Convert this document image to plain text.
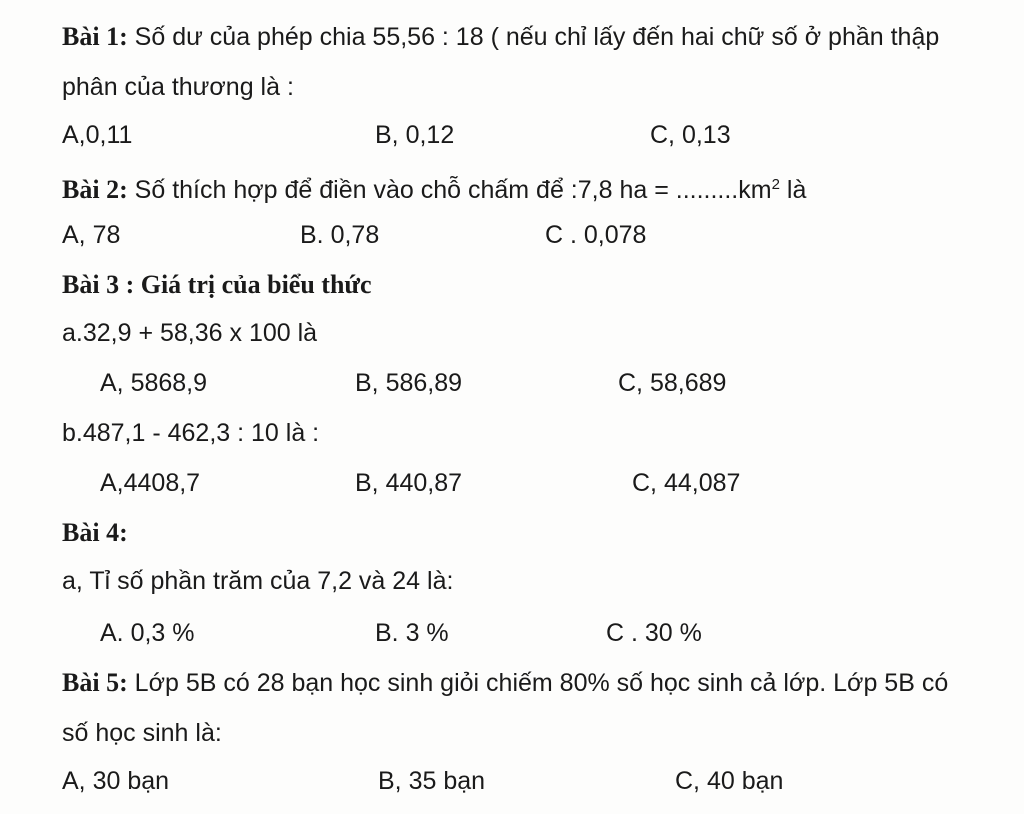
Bài 1: Số dư của phép chia 55,56 : 18 ( nếu chỉ lấy đến hai chữ số ở phần thập
phân của thương là :
A,0,11	B, 0,12	C, 0,13
Bài 2: Số thích hợp để điền vào chỗ chấm để :7,8 ha = $.........km^2$ là
A, 78	B. 0,78	C . 0,078
Bài 3 : Giá trị của biểu thức
a.32,9 + 58,36 x 100 là
A, 5868,9	B, 586,89	C, 58,689
b.487,1 - 462,3 : 10 là :
A,4408,7	B, 440,87	C, 44,087
Bài 4:
a, Tỉ số phần trăm của 7,2 và 24 là:
A. 0,3 %	B. 3 %	C . 30 %
Bài 5: Lớp 5B có 28 bạn học sinh giỏi chiếm 80% số học sinh cả lớp. Lớp 5B có
số học sinh là:
A, 30 bạn	B, 35 bạn	C, 40 bạn
